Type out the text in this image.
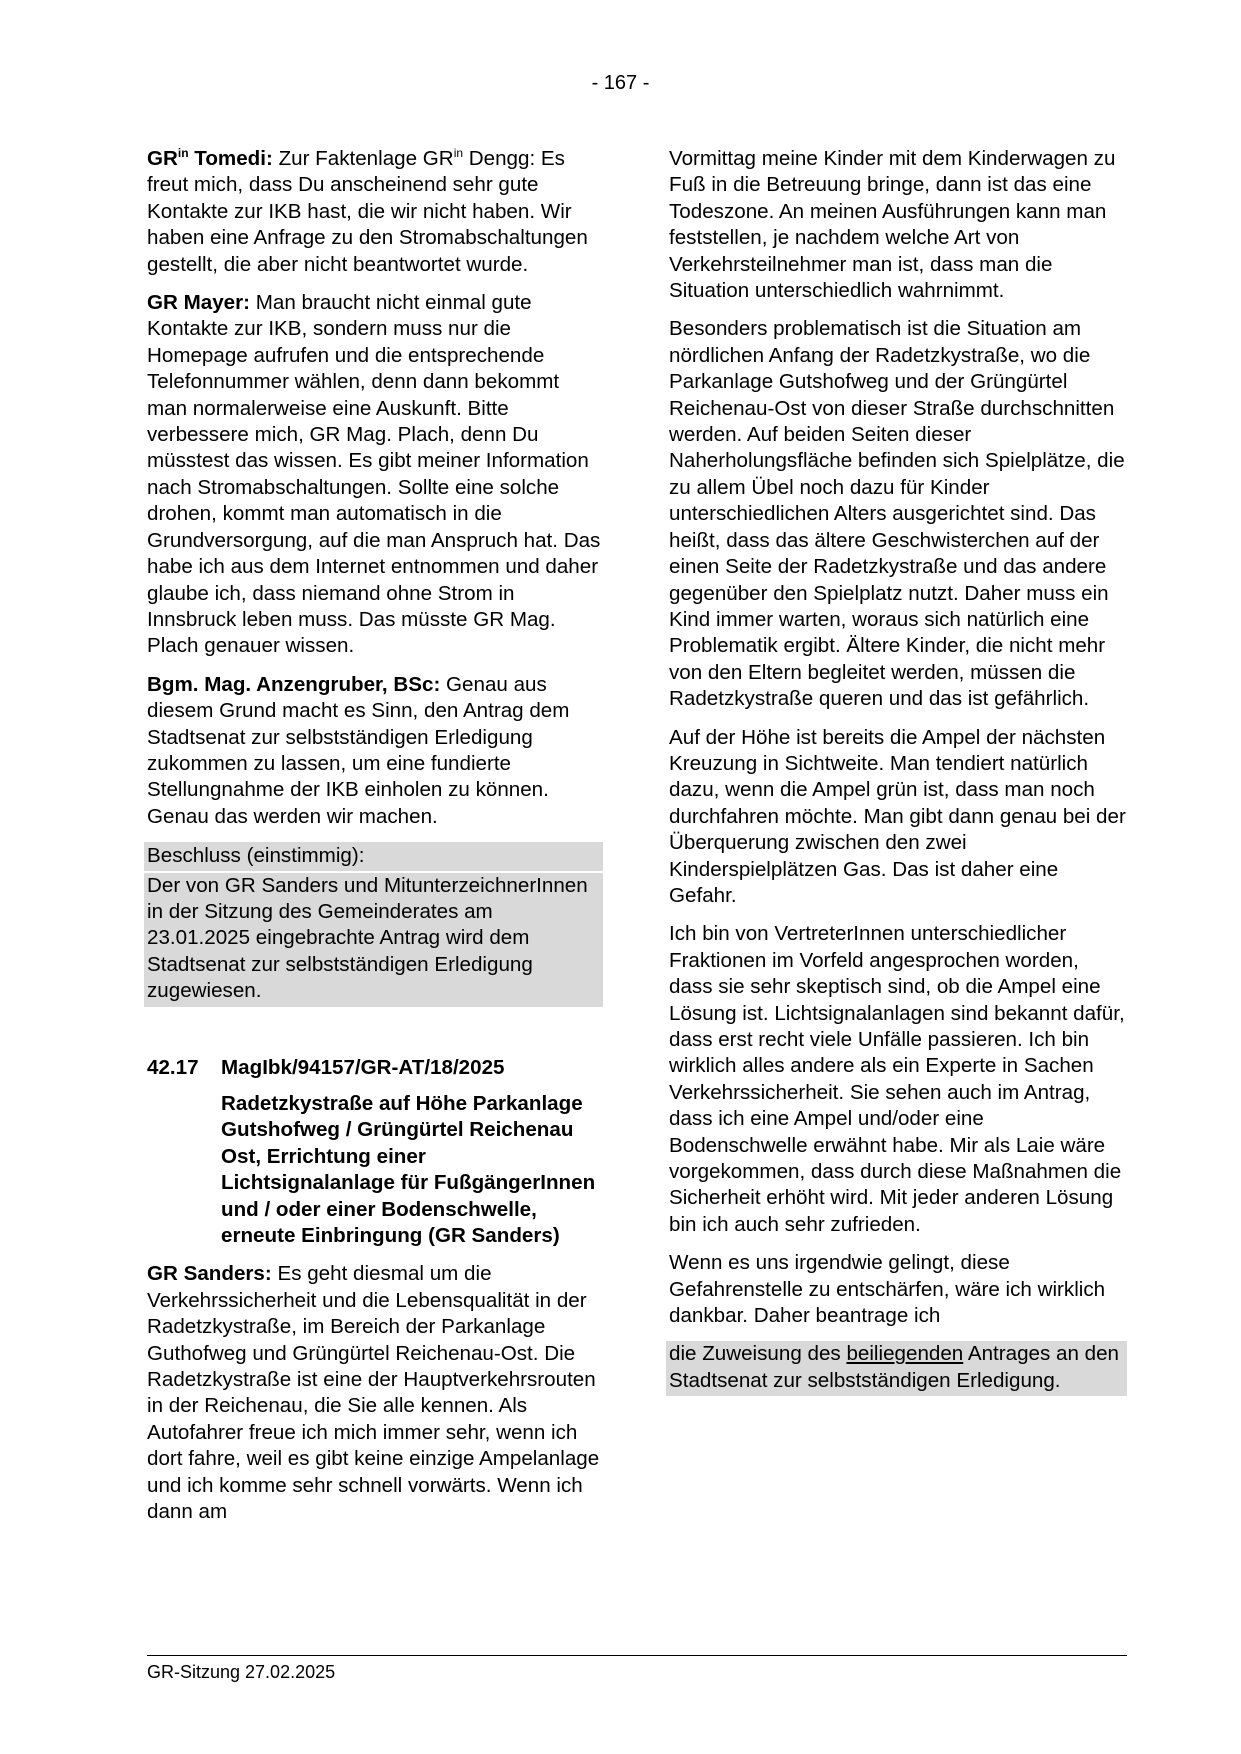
- 167 -

$GR^{in}$ Tomedi: Zur Faktenlage $GR^{in}$ Dengg: Es freut mich, dass Du anscheinend sehr gute Kontakte zur IKB hast, die wir nicht haben. Wir haben eine Anfrage zu den Stromabschaltungen gestellt, die aber nicht beantwortet wurde.

GR Mayer: Man braucht nicht einmal gute Kontakte zur IKB, sondern muss nur die Homepage aufrufen und die entsprechende Telefonnummer wählen, denn dann bekommt man normalerweise eine Auskunft. Bitte verbessere mich, GR Mag. Plach, denn Du müsstest das wissen. Es gibt meiner Information nach Stromabschaltungen. Sollte eine solche drohen, kommt man automatisch in die Grundversorgung, auf die man Anspruch hat. Das habe ich aus dem Internet entnommen und daher glaube ich, dass niemand ohne Strom in Innsbruck leben muss. Das müsste GR Mag. Plach genauer wissen.

Bgm. Mag. Anzengruber, BSc: Genau aus diesem Grund macht es Sinn, den Antrag dem Stadtsenat zur selbstständigen Erledigung zukommen zu lassen, um eine fundierte Stellungnahme der IKB einholen zu können. Genau das werden wir machen.

Beschluss (einstimmig):
Der von GR Sanders und MitunterzeichnerInnen in der Sitzung des Gemeinderates am 23.01.2025 eingebrachte Antrag wird dem Stadtsenat zur selbstständigen Erledigung zugewiesen.
42.17 MagIbk/94157/GR-AT/18/2025
Radetzkystraße auf Höhe Parkanlage Gutshofweg / Grüngürtel Reichenau Ost, Errichtung einer Lichtsignalanlage für FußgängerInnen und / oder einer Bodenschwelle, erneute Einbringung (GR Sanders)

GR Sanders: Es geht diesmal um die Verkehrssicherheit und die Lebensqualität in der Radetzkystraße, im Bereich der Parkanlage Guthofweg und Grüngürtel Reichenau-Ost. Die Radetzkystraße ist eine der Hauptverkehrsrouten in der Reichenau, die Sie alle kennen. Als Autofahrer freue ich mich immer sehr, wenn ich dort fahre, weil es gibt keine einzige Ampelanlage und ich komme sehr schnell vorwärts. Wenn ich dann am

Vormittag meine Kinder mit dem Kinderwagen zu Fuß in die Betreuung bringe, dann ist das eine Todeszone. An meinen Ausführungen kann man feststellen, je nachdem welche Art von Verkehrsteilnehmer man ist, dass man die Situation unterschiedlich wahrnimmt.

Besonders problematisch ist die Situation am nördlichen Anfang der Radetzkystraße, wo die Parkanlage Gutshofweg und der Grüngürtel Reichenau-Ost von dieser Straße durchschnitten werden. Auf beiden Seiten dieser Naherholungsfläche befinden sich Spielplätze, die zu allem Übel noch dazu für Kinder unterschiedlichen Alters ausgerichtet sind. Das heißt, dass das ältere Geschwisterchen auf der einen Seite der Radetzkystraße und das andere gegenüber den Spielplatz nutzt. Daher muss ein Kind immer warten, woraus sich natürlich eine Problematik ergibt. Ältere Kinder, die nicht mehr von den Eltern begleitet werden, müssen die Radetzkystraße queren und das ist gefährlich.

Auf der Höhe ist bereits die Ampel der nächsten Kreuzung in Sichtweite. Man tendiert natürlich dazu, wenn die Ampel grün ist, dass man noch durchfahren möchte. Man gibt dann genau bei der Überquerung zwischen den zwei Kinderspielplätzen Gas. Das ist daher eine Gefahr.

Ich bin von VertreterInnen unterschiedlicher Fraktionen im Vorfeld angesprochen worden, dass sie sehr skeptisch sind, ob die Ampel eine Lösung ist. Lichtsignalanlagen sind bekannt dafür, dass erst recht viele Unfälle passieren. Ich bin wirklich alles andere als ein Experte in Sachen Verkehrssicherheit. Sie sehen auch im Antrag, dass ich eine Ampel und/oder eine Bodenschwelle erwähnt habe. Mir als Laie wäre vorgekommen, dass durch diese Maßnahmen die Sicherheit erhöht wird. Mit jeder anderen Lösung bin ich auch sehr zufrieden.

Wenn es uns irgendwie gelingt, diese Gefahrenstelle zu entschärfen, wäre ich wirklich dankbar. Daher beantrage ich

die Zuweisung des beiliegenden Antrages an den Stadtsenat zur selbstständigen Erledigung.
GR-Sitzung 27.02.2025
